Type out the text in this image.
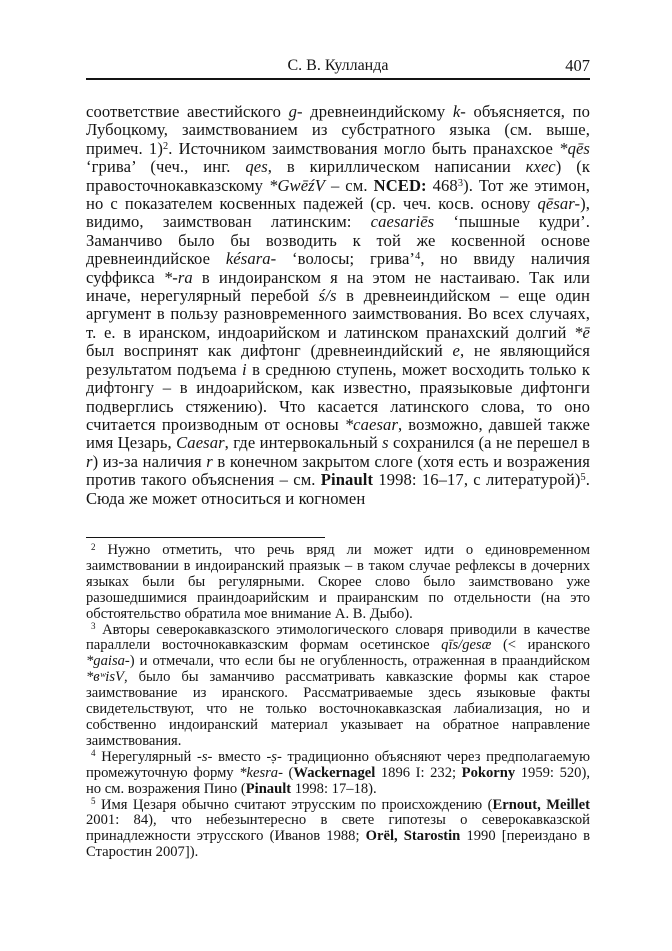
С. В. Кулланда	407
соответствие авестийского g- древнеиндийскому k- объясняется, по Лубоцкому, заимствованием из субстратного языка (см. выше, примеч. 1)$^2$. Источником заимствования могло быть пранахское *qēs ‘грива’ (чеч., инг. qes, в кириллическом написании кхес) (к правосточнокавказскому *GwēźV – см. NCED: 468$^3$). Тот же этимон, но с показателем косвенных падежей (ср. чеч. косв. основу qēsar-), видимо, заимствован латинским: caesariēs ‘пышные кудри’. Заманчиво было бы возводить к той же косвенной основе древнеиндийское késara- ‘волосы; грива’$^4$, но ввиду наличия суффикса *-ra в индоиранском я на этом не настаиваю. Так или иначе, нерегулярный перебой ś/s в древнеиндийском – еще один аргумент в пользу разновременного заимствования. Во всех случаях, т. е. в иранском, индоарийском и латинском пранахский долгий *ē был воспринят как дифтонг (древнеиндийский e, не являющийся результатом подъема i в среднюю ступень, может восходить только к дифтонгу – в индоарийском, как известно, праязыковые дифтонги подверглись стяжению). Что касается латинского слова, то оно считается производным от основы *caesar, возможно, давшей также имя Цезарь, Caesar, где интервокальный s сохранился (а не перешел в r) из-за наличия r в конечном закрытом слоге (хотя есть и возражения против такого объяснения – см. Pinault 1998: 16–17, с литературой)$^5$. Сюда же может относиться и когномен

$^2$ Нужно отметить, что речь вряд ли может идти о единовременном заимствовании в индоиранский праязык – в таком случае рефлексы в дочерних языках были бы регулярными. Скорее слово было заимствовано уже разошедшимися праиндоарийским и праиранским по отдельности (на это обстоятельство обратила мое внимание А. В. Дыбо).

$^3$ Авторы северокавказского этимологического словаря приводили в качестве параллели восточнокавказским формам осетинское qīs/gesæ (< иранского *gaisa-) и отмечали, что если бы не огубленность, отраженная в праандийском *вʷisV, было бы заманчиво рассматривать кавказские формы как старое заимствование из иранского. Рассматриваемые здесь языковые факты свидетельствуют, что не только восточнокавказская лабиализация, но и собственно индоиранский материал указывает на обратное направление заимствования.

$^4$ Нерегулярный -s- вместо -ṣ- традиционно объясняют через предполагаемую промежуточную форму *kesra- (Wackernagel 1896 I: 232; Pokorny 1959: 520), но см. возражения Пино (Pinault 1998: 17–18).

$^5$ Имя Цезаря обычно считают этрусским по происхождению (Ernout, Meillet 2001: 84), что небезынтересно в свете гипотезы о северокавказской принадлежности этрусского (Иванов 1988; Orël, Starostin 1990 [переиздано в Старостин 2007]).
